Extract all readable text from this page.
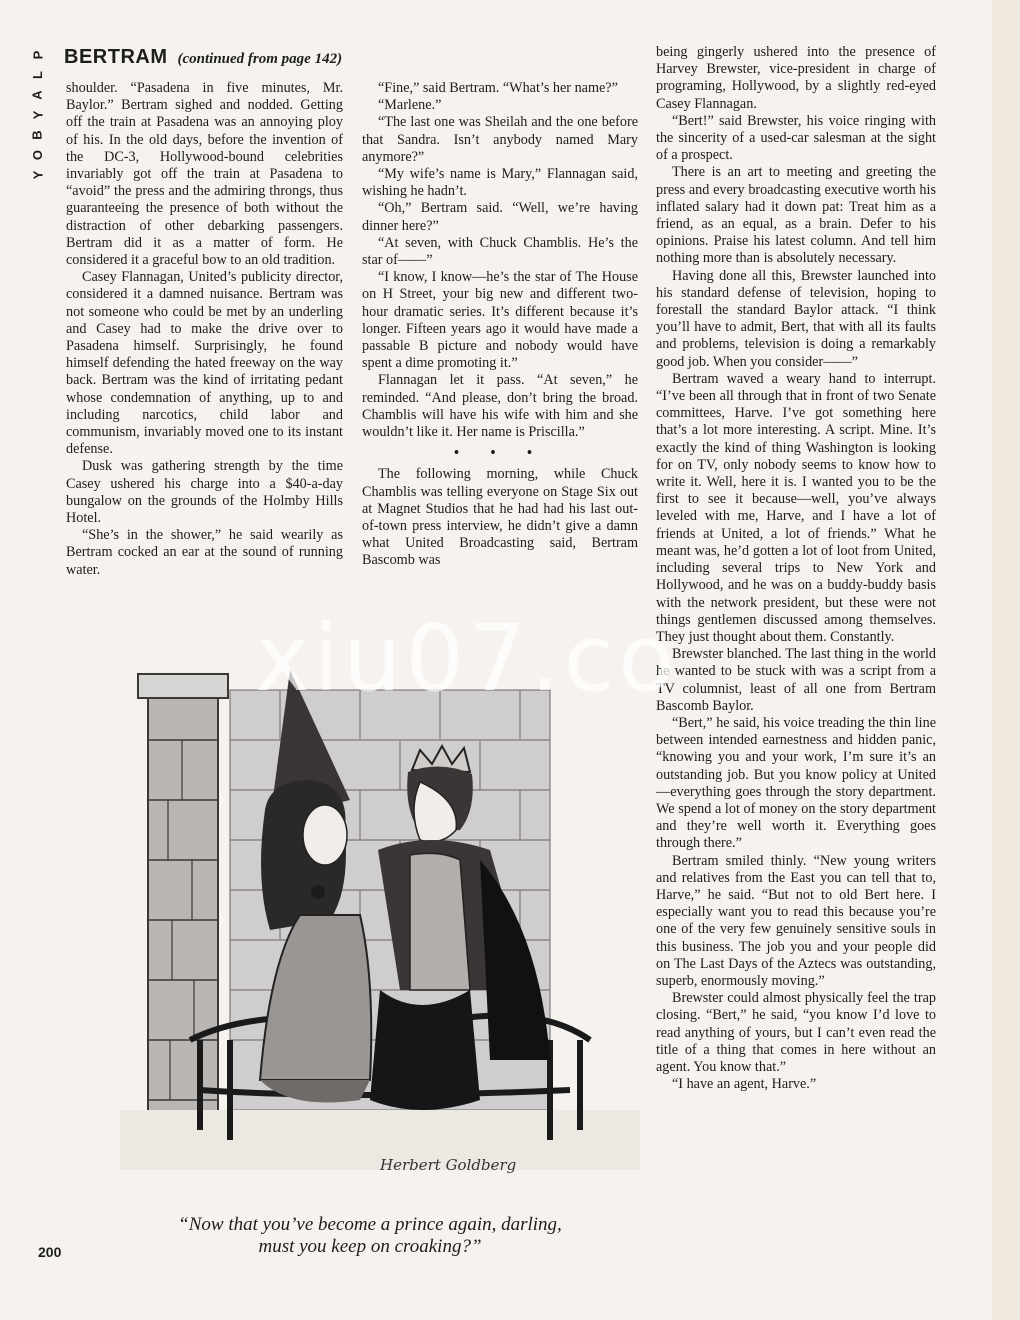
P
L
A
Y
B
O
Y
BERTRAM (continued from page 142)

shoulder. “Pasadena in five minutes, Mr. Baylor.” Bertram sighed and nodded. Getting off the train at Pasadena was an annoying ploy of his. In the old days, before the invention of the DC-3, Hollywood-bound celebrities invariably got off the train at Pasadena to “avoid” the press and the admiring throngs, thus guaranteeing the presence of both without the distraction of other debarking passengers. Bertram did it as a matter of form. He considered it a graceful bow to an old tradition.

Casey Flannagan, United’s publicity director, considered it a damned nuisance. Bertram was not someone who could be met by an underling and Casey had to make the drive over to Pasadena himself. Surprisingly, he found himself defending the hated freeway on the way back. Bertram was the kind of irritating pedant whose condemnation of anything, up to and including narcotics, child labor and communism, invariably moved one to its instant defense.

Dusk was gathering strength by the time Casey ushered his charge into a $40-a-day bungalow on the grounds of the Holmby Hills Hotel.

“She’s in the shower,” he said wearily as Bertram cocked an ear at the sound of running water.

“Fine,” said Bertram. “What’s her name?”

“Marlene.”

“The last one was Sheilah and the one before that Sandra. Isn’t anybody named Mary anymore?”

“My wife’s name is Mary,” Flannagan said, wishing he hadn’t.

“Oh,” Bertram said. “Well, we’re having dinner here?”

“At seven, with Chuck Chamblis. He’s the star of——”

“I know, I know—he’s the star of The House on H Street, your big new and different two-hour dramatic series. It’s different because it’s longer. Fifteen years ago it would have made a passable B picture and nobody would have spent a dime promoting it.”

Flannagan let it pass. “At seven,” he reminded. “And please, don’t bring the broad. Chamblis will have his wife with him and she wouldn’t like it. Her name is Priscilla.”

• • •

The following morning, while Chuck Chamblis was telling everyone on Stage Six out at Magnet Studios that he had had his last out-of-town press interview, he didn’t give a damn what United Broadcasting said, Bertram Bascomb was

being gingerly ushered into the presence of Harvey Brewster, vice-president in charge of programing, Hollywood, by a slightly red-eyed Casey Flannagan.

“Bert!” said Brewster, his voice ringing with the sincerity of a used-car salesman at the sight of a prospect.

There is an art to meeting and greeting the press and every broadcasting executive worth his inflated salary had it down pat: Treat him as a friend, as an equal, as a brain. Defer to his opinions. Praise his latest column. And tell him nothing more than is absolutely necessary.

Having done all this, Brewster launched into his standard defense of television, hoping to forestall the standard Baylor attack. “I think you’ll have to admit, Bert, that with all its faults and problems, television is doing a remarkably good job. When you consider——”

Bertram waved a weary hand to interrupt. “I’ve been all through that in front of two Senate committees, Harve. I’ve got something here that’s a lot more interesting. A script. Mine. It’s exactly the kind of thing Washington is looking for on TV, only nobody seems to know how to write it. Well, here it is. I wanted you to be the first to see it because—well, you’ve always leveled with me, Harve, and I have a lot of friends at United, a lot of friends.” What he meant was, he’d gotten a lot of loot from United, including several trips to New York and Hollywood, and he was on a buddy-buddy basis with the network president, but these were not things gentlemen discussed among themselves. They just thought about them. Constantly.

Brewster blanched. The last thing in the world he wanted to be stuck with was a script from a TV columnist, least of all one from Bertram Bascomb Baylor.

“Bert,” he said, his voice treading the thin line between intended earnestness and hidden panic, “knowing you and your work, I’m sure it’s an outstanding job. But you know policy at United—everything goes through the story department. We spend a lot of money on the story department and they’re well worth it. Everything goes through there.”

Bertram smiled thinly. “New young writers and relatives from the East you can tell that to, Harve,” he said. “But not to old Bert here. I especially want you to read this because you’re one of the very few genuinely sensitive souls in this business. The job you and your people did on The Last Days of the Aztecs was outstanding, superb, enormously moving.”

Brewster could almost physically feel the trap closing. “Bert,” he said, “you know I’d love to read anything of yours, but I can’t even read the title of a thing that comes in here without an agent. You know that.”

“I have an agent, Harve.”

Herbert Goldberg
“Now that you’ve become a prince again, darling,
must you keep on croaking?”
200
xiu07.co
